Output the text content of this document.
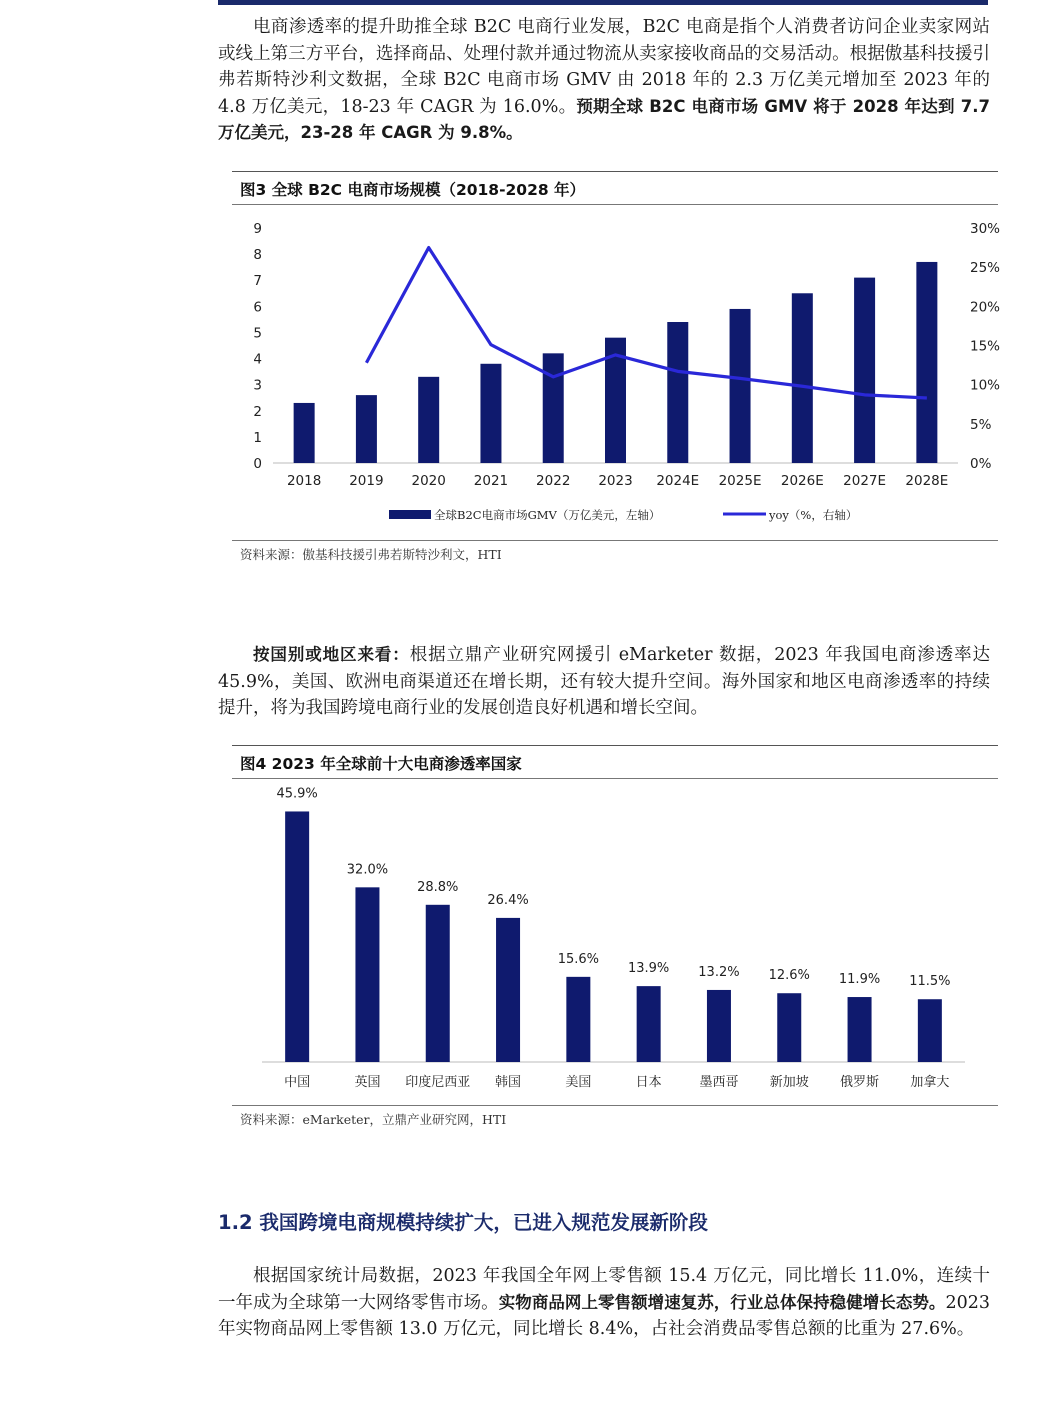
电商渗透率的提升助推全球 B2C 电商行业发展，B2C 电商是指个人消费者访问企业卖家网站或线上第三方平台，选择商品、处理付款并通过物流从卖家接收商品的交易活动。根据傲基科技援引弗若斯特沙利文数据，全球 B2C 电商市场 GMV 由 2018 年的 2.3 万亿美元增加至 2023 年的 4.8 万亿美元，18-23 年 CAGR 为 16.0%。预期全球 B2C 电商市场 GMV 将于 2028 年达到 7.7 万亿美元，23-28 年 CAGR 为 9.8%。

图3 全球 B2C 电商市场规模（2018-2028 年）
资料来源：傲基科技援引弗若斯特沙利文，HTI

按国别或地区来看：根据立鼎产业研究网援引 eMarketer 数据，2023 年我国电商渗透率达 45.9%，美国、欧洲电商渠道还在增长期，还有较大提升空间。海外国家和地区电商渗透率的持续提升，将为我国跨境电商行业的发展创造良好机遇和增长空间。

图4 2023 年全球前十大电商渗透率国家
资料来源：eMarketer，立鼎产业研究网，HTI
0
1
2
3
4
5
6
7
8
9
0%
5%
10%
15%
20%
25%
30%
2018 2019 2020 2021 2022 2023 2024E 2025E 2026E 2027E 2028E
全球B2C电商市场GMV（万亿美元，左轴）	yoy（%，右轴）
45.9%
中国
32.0%
英国
28.8%
印度尼西亚
26.4%
韩国
15.6%
美国
13.9%
日本
13.2%
墨西哥
12.6%
新加坡
11.9%
俄罗斯
11.5%
加拿大
1.2 我国跨境电商规模持续扩大，已进入规范发展新阶段

根据国家统计局数据，2023 年我国全年网上零售额 15.4 万亿元，同比增长 11.0%，连续十一年成为全球第一大网络零售市场。实物商品网上零售额增速复苏，行业总体保持稳健增长态势。2023 年实物商品网上零售额 13.0 万亿元，同比增长 8.4%，占社会消费品零售总额的比重为 27.6%。
